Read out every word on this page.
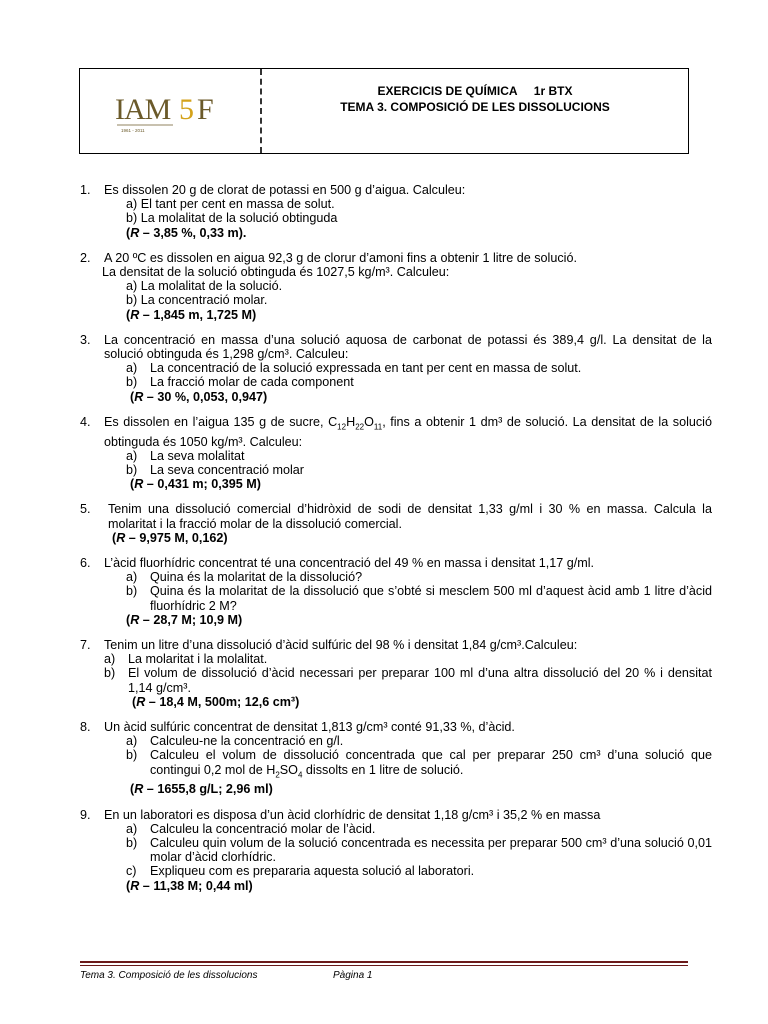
IAM 5 F
1961 - 2011
EXERCICIS DE QUÍMICA     1r BTX
TEMA 3. COMPOSICIÓ DE LES DISSOLUCIONS
1.	Es dissolen 20 g de clorat de potassi en 500 g d’aigua. Calculeu:
a) El tant per cent en massa de solut.
b) La molalitat de la solució obtinguda
(R – 3,85 %, 0,33 m).
2.	A 20 ºC es dissolen en aigua 92,3 g de clorur d’amoni fins a obtenir 1 litre de solució.
La densitat de la solució obtinguda és 1027,5 kg/m³. Calculeu:
a) La molalitat de la solució.
b) La concentració molar.
(R – 1,845 m, 1,725 M)
3.	La concentració en massa d’una solució aquosa de carbonat de potassi és 389,4 g/l. La densitat de la solució obtinguda és 1,298 g/cm³. Calculeu:
a)	La concentració de la solució expressada en tant per cent en massa de solut.
b)	La fracció molar de cada component
(R – 30 %, 0,053, 0,947)
4.	Es dissolen en l’aigua 135 g de sucre, $C_{12}H_{22}O_{11}$, fins a obtenir 1 dm³ de solució. La densitat de la solució obtinguda és 1050 kg/m³. Calculeu:
a)	La seva molalitat
b)	La seva concentració molar
(R – 0,431 m; 0,395 M)
5.	Tenim una dissolució comercial d’hidròxid de sodi de densitat 1,33 g/ml i 30 % en massa. Calcula la molaritat i la fracció molar de la dissolució comercial.
(R – 9,975 M, 0,162)
6.	L’àcid fluorhídric concentrat té una concentració del 49 % en massa i densitat 1,17 g/ml.
a)	Quina és la molaritat de la dissolució?
b)	Quina és la molaritat de la dissolució que s’obté si mesclem 500 ml d’aquest àcid amb 1 litre d’àcid fluorhídric 2 M?
(R – 28,7 M; 10,9 M)
7.	Tenim un litre d’una dissolució d’àcid sulfúric del 98 % i densitat 1,84 g/cm³.Calculeu:
a)	La molaritat i la molalitat.
b)	El volum de dissolució d’àcid necessari per preparar 100 ml d’una altra dissolució del 20 % i densitat 1,14 g/cm³.
(R – 18,4 M, 500m; 12,6 cm³)
8.	Un àcid sulfúric concentrat de densitat 1,813 g/cm³ conté 91,33 %, d’àcid.
a)	Calculeu-ne la concentració en g/l.
b)	Calculeu el volum de dissolució concentrada que cal per preparar 250 cm³ d’una solució que contingui 0,2 mol de $H_2SO_4$ dissolts en 1 litre de solució.
(R – 1655,8 g/L; 2,96 ml)
9.	En un laboratori es disposa d’un àcid clorhídric de densitat 1,18 g/cm³ i 35,2 % en massa
a)	Calculeu la concentració molar de l’àcid.
b)	Calculeu quin volum de la solució concentrada es necessita per preparar 500 cm³ d’una solució 0,01 molar d’àcid clorhídric.
c)	Expliqueu com es prepararia aquesta solució al laboratori.
(R – 11,38 M; 0,44 ml)
Tema 3. Composició de les dissolucions	Pàgina 1
